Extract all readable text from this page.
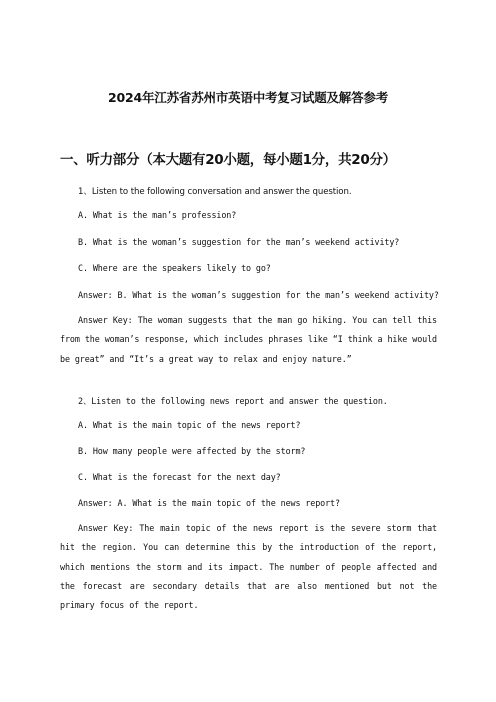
2024年江苏省苏州市英语中考复习试题及解答参考
一、听力部分（本大题有20小题，每小题1分，共20分）
1、Listen to the following conversation and answer the question.
A. What is the man’s profession?
B. What is the woman’s suggestion for the man’s weekend activity?
C. Where are the speakers likely to go?
Answer: B. What is the woman’s suggestion for the man’s weekend activity?
Answer Key: The woman suggests that the man go hiking. You can tell this from the woman’s response, which includes phrases like “I think a hike would be great” and “It’s a great way to relax and enjoy nature.”
2、Listen to the following news report and answer the question.
A. What is the main topic of the news report?
B. How many people were affected by the storm?
C. What is the forecast for the next day?
Answer: A. What is the main topic of the news report?
Answer Key: The main topic of the news report is the severe storm that hit the region. You can determine this by the introduction of the report, which mentions the storm and its impact. The number of people affected and the forecast are secondary details that are also mentioned but not the primary focus of the report.
